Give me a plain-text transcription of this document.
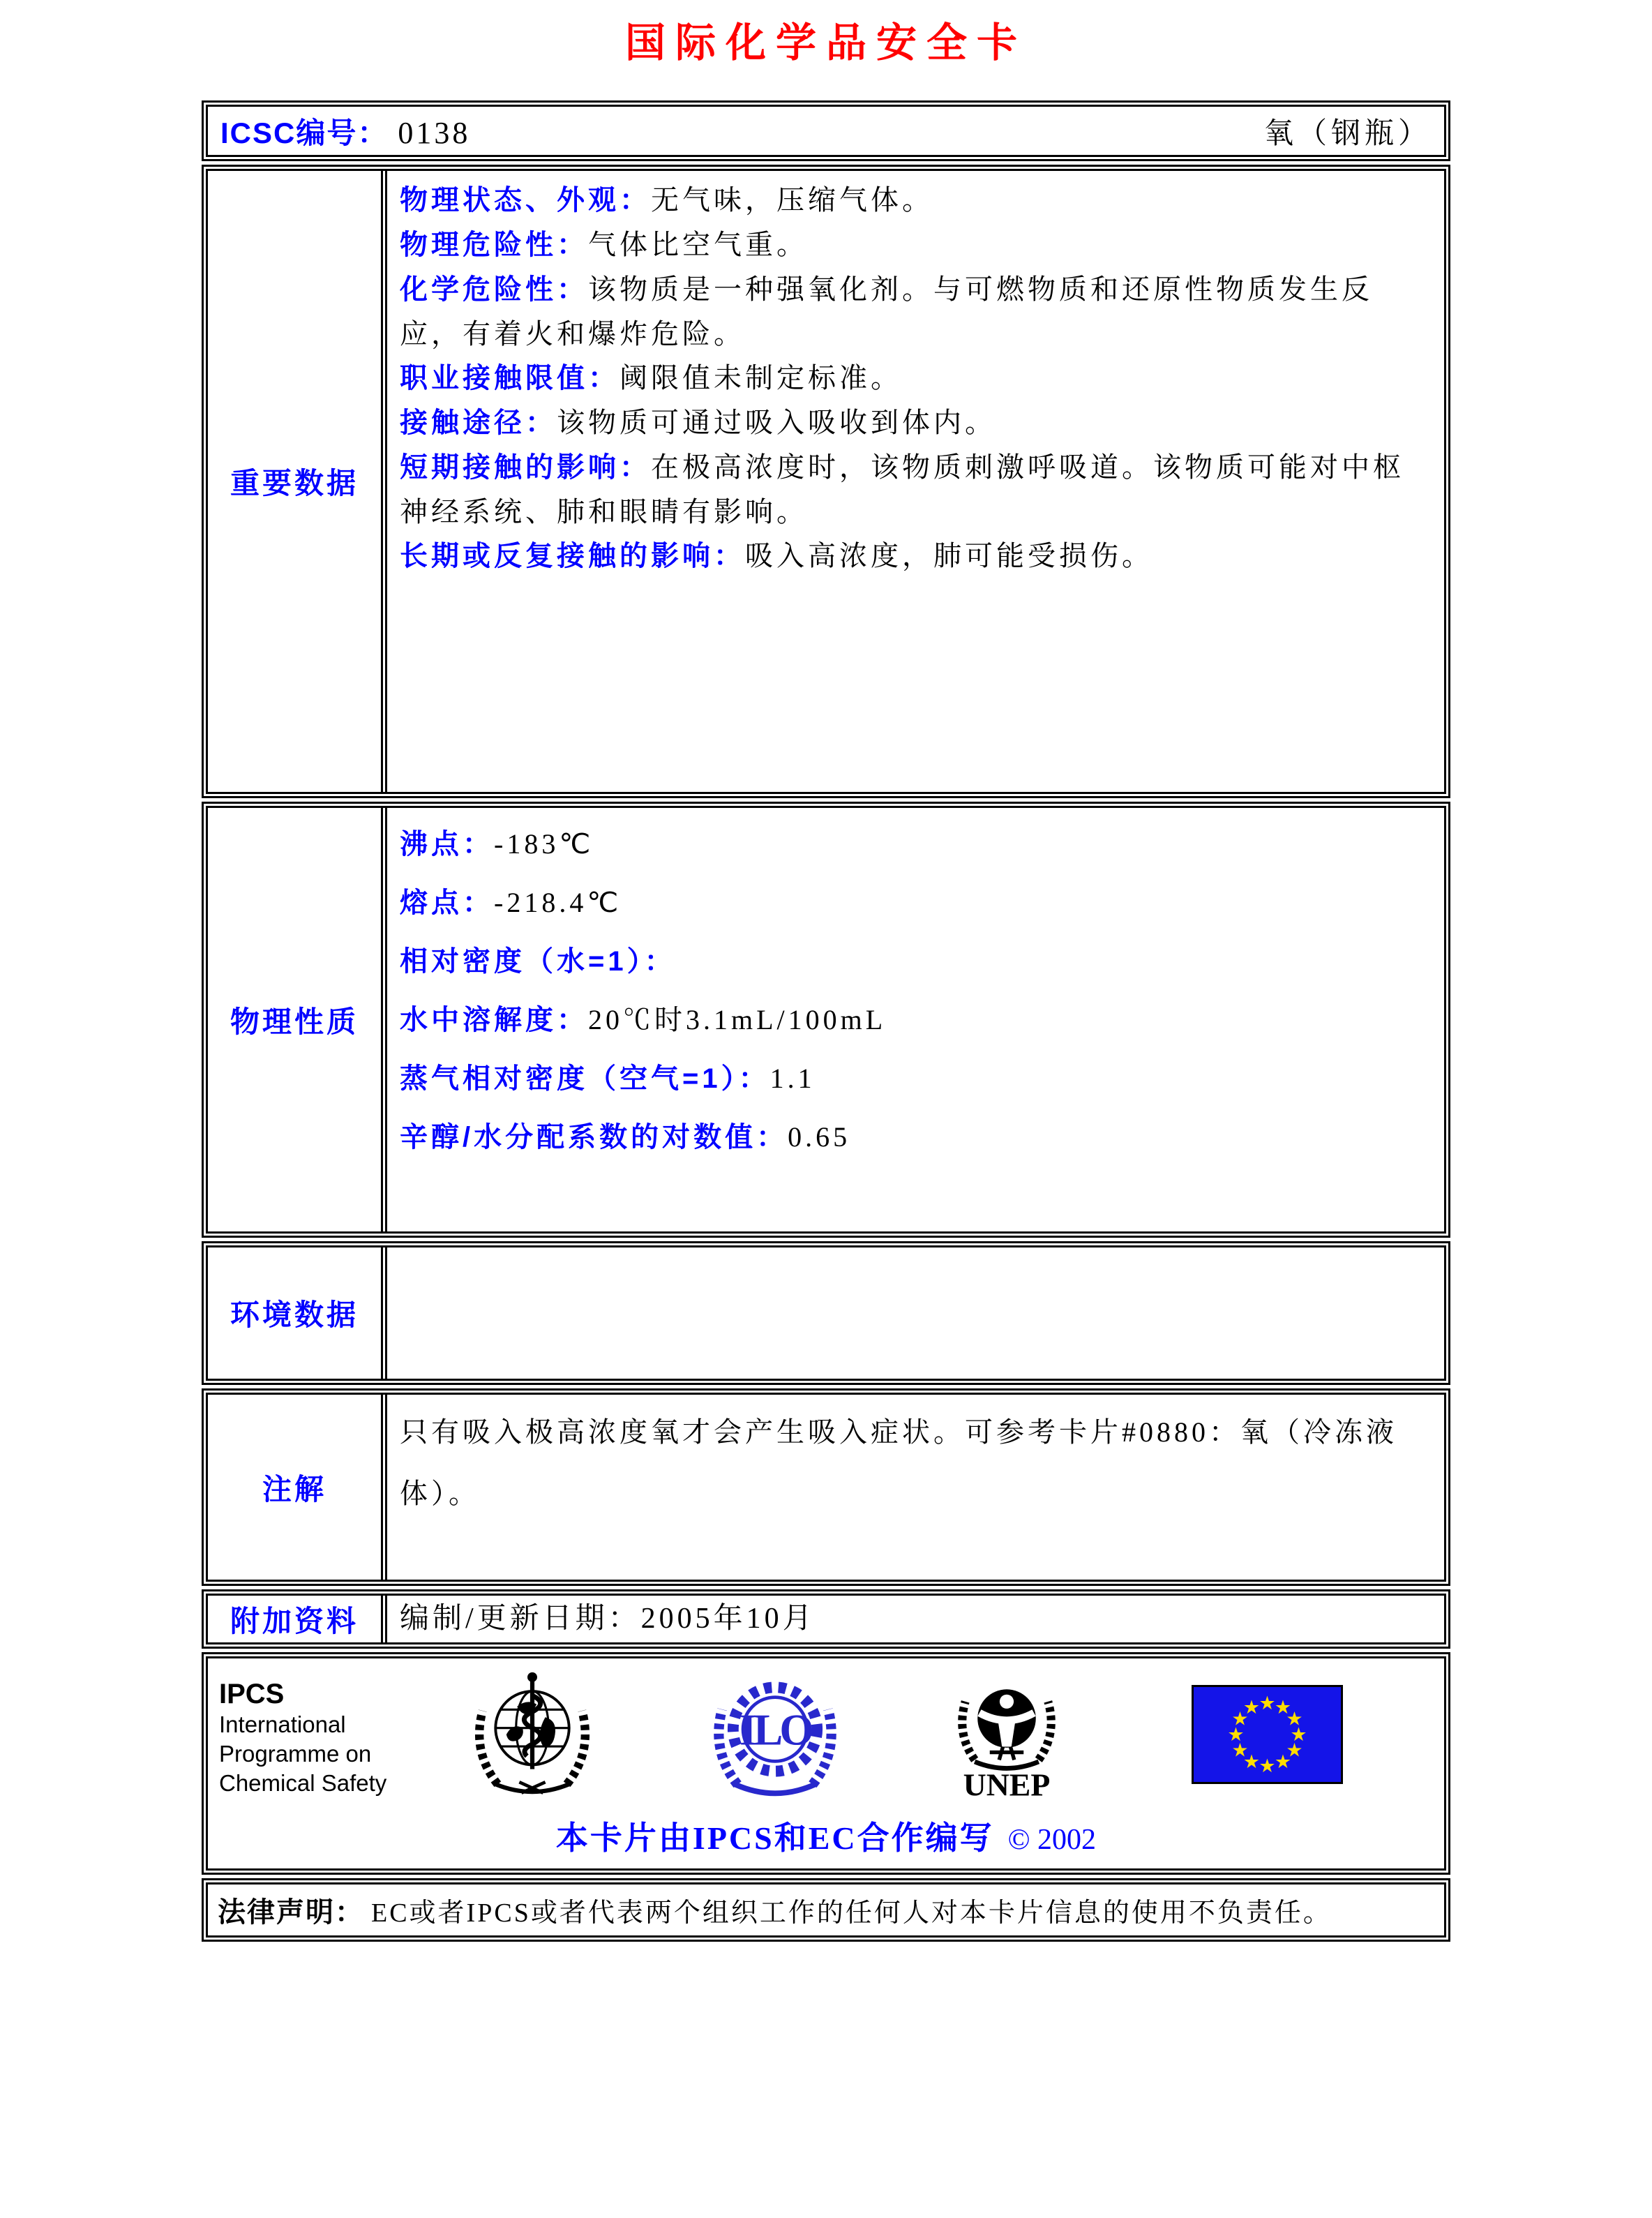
国际化学品安全卡
ICSC编号： 0138	氧（钢瓶）
重要数据

物理状态、外观：无气味，压缩气体。

物理危险性：气体比空气重。

化学危险性：该物质是一种强氧化剂。与可燃物质和还原性物质发生反应，有着火和爆炸危险。

职业接触限值：阈限值未制定标准。

接触途径：该物质可通过吸入吸收到体内。

短期接触的影响：在极高浓度时，该物质刺激呼吸道。该物质可能对中枢神经系统、肺和眼睛有影响。

长期或反复接触的影响：吸入高浓度，肺可能受损伤。

物理性质

沸点：-183℃

熔点：-218.4℃

相对密度（水=1）：

水中溶解度：20℃时3.1mL/100mL

蒸气相对密度（空气=1）：1.1

辛醇/水分配系数的对数值：0.65

环境数据

注解

只有吸入极高浓度氧才会产生吸入症状。可参考卡片#0880：氧（冷冻液体）。

附加资料 编制/更新日期：2005年10月

IPCS
International
Programme on
Chemical Safety
ILO
UNEP
★
★
★
★
★
★
★
★
★
★
★
★
本卡片由IPCS和EC合作编写 © 2002
法律声明： EC或者IPCS或者代表两个组织工作的任何人对本卡片信息的使用不负责任。
